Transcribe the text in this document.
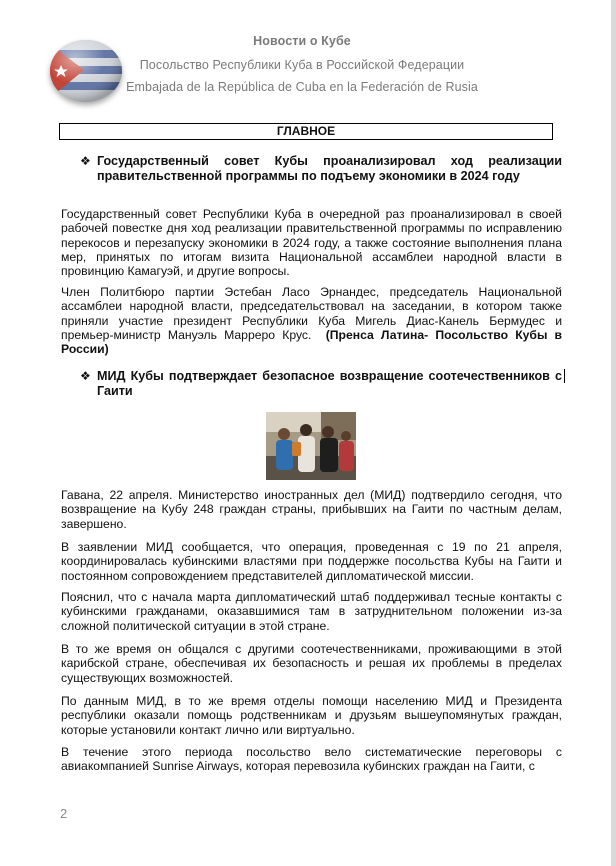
Новости о Кубе
Посольство Республики Куба в Российской Федерации
Embajada de la República de Cuba en la Federación de Rusia
ГЛАВНОЕ
❖ Государственный совет Кубы проанализировал ход реализации правительственной программы по подъему экономики в 2024 году
Государственный совет Республики Куба в очередной раз проанализировал в своей рабочей повестке дня ход реализации правительственной программы по исправлению перекосов и перезапуску экономики в 2024 году, а также состояние выполнения плана мер, принятых по итогам визита Национальной ассамблеи народной власти в провинцию Камагуэй, и другие вопросы.
Член Политбюро партии Эстебан Ласо Эрнандес, председатель Национальной ассамблеи народной власти, председательствовал на заседании, в котором также приняли участие президент Республики Куба Мигель Диас-Канель Бермудес и премьер-министр Мануэль Марреро Крус. (Пренса Латина- Посольство Кубы в России)
❖ МИД Кубы подтверждает безопасное возвращение соотечественников с Гаити
Гавана, 22 апреля. Министерство иностранных дел (МИД) подтвердило сегодня, что возвращение на Кубу 248 граждан страны, прибывших на Гаити по частным делам, завершено.
В заявлении МИД сообщается, что операция, проведенная с 19 по 21 апреля, координировалась кубинскими властями при поддержке посольства Кубы на Гаити и постоянном сопровождением представителей дипломатической миссии.
Пояснил, что с начала марта дипломатический штаб поддерживал тесные контакты с кубинскими гражданами, оказавшимися там в затруднительном положении из-за сложной политической ситуации в этой стране.
В то же время он общался с другими соотечественниками, проживающими в этой карибской стране, обеспечивая их безопасность и решая их проблемы в пределах существующих возможностей.
По данным МИД, в то же время отделы помощи населению МИД и Президента республики оказали помощь родственникам и друзьям вышеупомянутых граждан, которые установили контакт лично или виртуально.
В течение этого периода посольство вело систематические переговоры с авиакомпанией Sunrise Airways, которая перевозила кубинских граждан на Гаити, с
2
